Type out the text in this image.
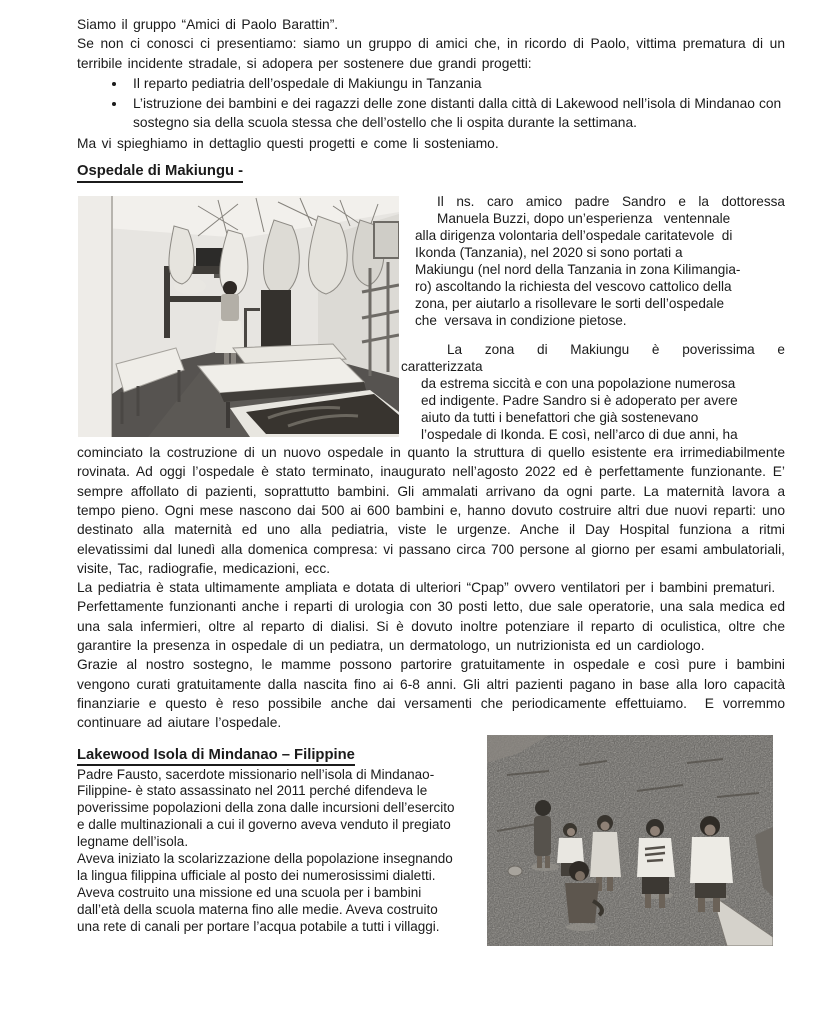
Siamo il gruppo “Amici di Paolo Barattin”.

Se non ci conosci ci presentiamo: siamo un gruppo di amici che, in ricordo di Paolo, vittima prematura di un terribile incidente stradale, si adopera per sostenere due grandi progetti:

• Il reparto pediatria dell’ospedale di Makiungu in Tanzania
• L’istruzione dei bambini e dei ragazzi delle zone distanti dalla città di Lakewood nell’isola di Mindanao con sostegno sia della scuola stessa che dell’ostello che li ospita durante la settimana.

Ma vi spieghiamo in dettaglio questi progetti e come li sosteniamo.

Ospedale di Makiungu -
Il ns. caro amico padre Sandro e la dottoressa
Manuela Buzzi, dopo un’esperienza   ventennale
alla dirigenza volontaria dell’ospedale caritatevole  di
Ikonda (Tanzania), nel 2020 si sono portati a
Makiungu (nel nord della Tanzania in zona Kilimangia-
ro) ascoltando la richiesta del vescovo cattolico della
zona, per aiutarlo a risollevare le sorti dell’ospedale
che  versava in condizione pietose.
La zona di Makiungu è poverissima e
caratterizzata
da estrema siccità e con una popolazione numerosa
ed indigente. Padre Sandro si è adoperato per avere
aiuto da tutti i benefattori che già sostenevano
l’ospedale di Ikonda. E così, nell’arco di due anni, ha

cominciato la costruzione di un nuovo ospedale in quanto la struttura di quello esistente era irrimediabilmente rovinata. Ad oggi l’ospedale è stato terminato, inaugurato nell’agosto 2022 ed è perfettamente funzionante. E’ sempre affollato di pazienti, soprattutto bambini. Gli ammalati arrivano da ogni parte. La maternità lavora a tempo pieno. Ogni mese nascono dai 500 ai 600 bambini e, hanno dovuto costruire altri due nuovi reparti: uno destinato alla maternità ed uno alla pediatria, viste le urgenze. Anche il Day Hospital funziona a ritmi elevatissimi dal lunedì alla domenica compresa: vi passano circa 700 persone al giorno per esami ambulatoriali, visite, Tac, radiografie, medicazioni, ecc.

La pediatria è stata ultimamente ampliata e dotata di ulteriori “Cpap” ovvero ventilatori per i bambini prematuri.

Perfettamente funzionanti anche i reparti di urologia con 30 posti letto, due sale operatorie, una sala medica ed una sala infermieri, oltre al reparto di dialisi. Si è dovuto inoltre potenziare il reparto di oculistica, oltre che garantire la presenza in ospedale di un pediatra, un dermatologo, un nutrizionista ed un cardiologo.

Grazie al nostro sostegno, le mamme possono partorire gratuitamente in ospedale e così pure i bambini vengono curati gratuitamente dalla nascita fino ai 6-8 anni. Gli altri pazienti pagano in base alla loro capacità finanziarie e questo è reso possibile anche dai versamenti che periodicamente effettuiamo.  E vorremmo continuare ad aiutare l’ospedale.

Lakewood Isola di Mindanao – Filippine
Padre Fausto, sacerdote missionario nell’isola di Mindanao-
Filippine- è stato assassinato nel 2011 perché difendeva le
poverissime popolazioni della zona dalle incursioni dell’esercito
e dalle multinazionali a cui il governo aveva venduto il pregiato
legname dell’isola.
Aveva iniziato la scolarizzazione della popolazione insegnando
la lingua filippina ufficiale al posto dei numerosissimi dialetti.
Aveva costruito una missione ed una scuola per i bambini
dall’età della scuola materna fino alle medie. Aveva costruito
una rete di canali per portare l’acqua potabile a tutti i villaggi.
